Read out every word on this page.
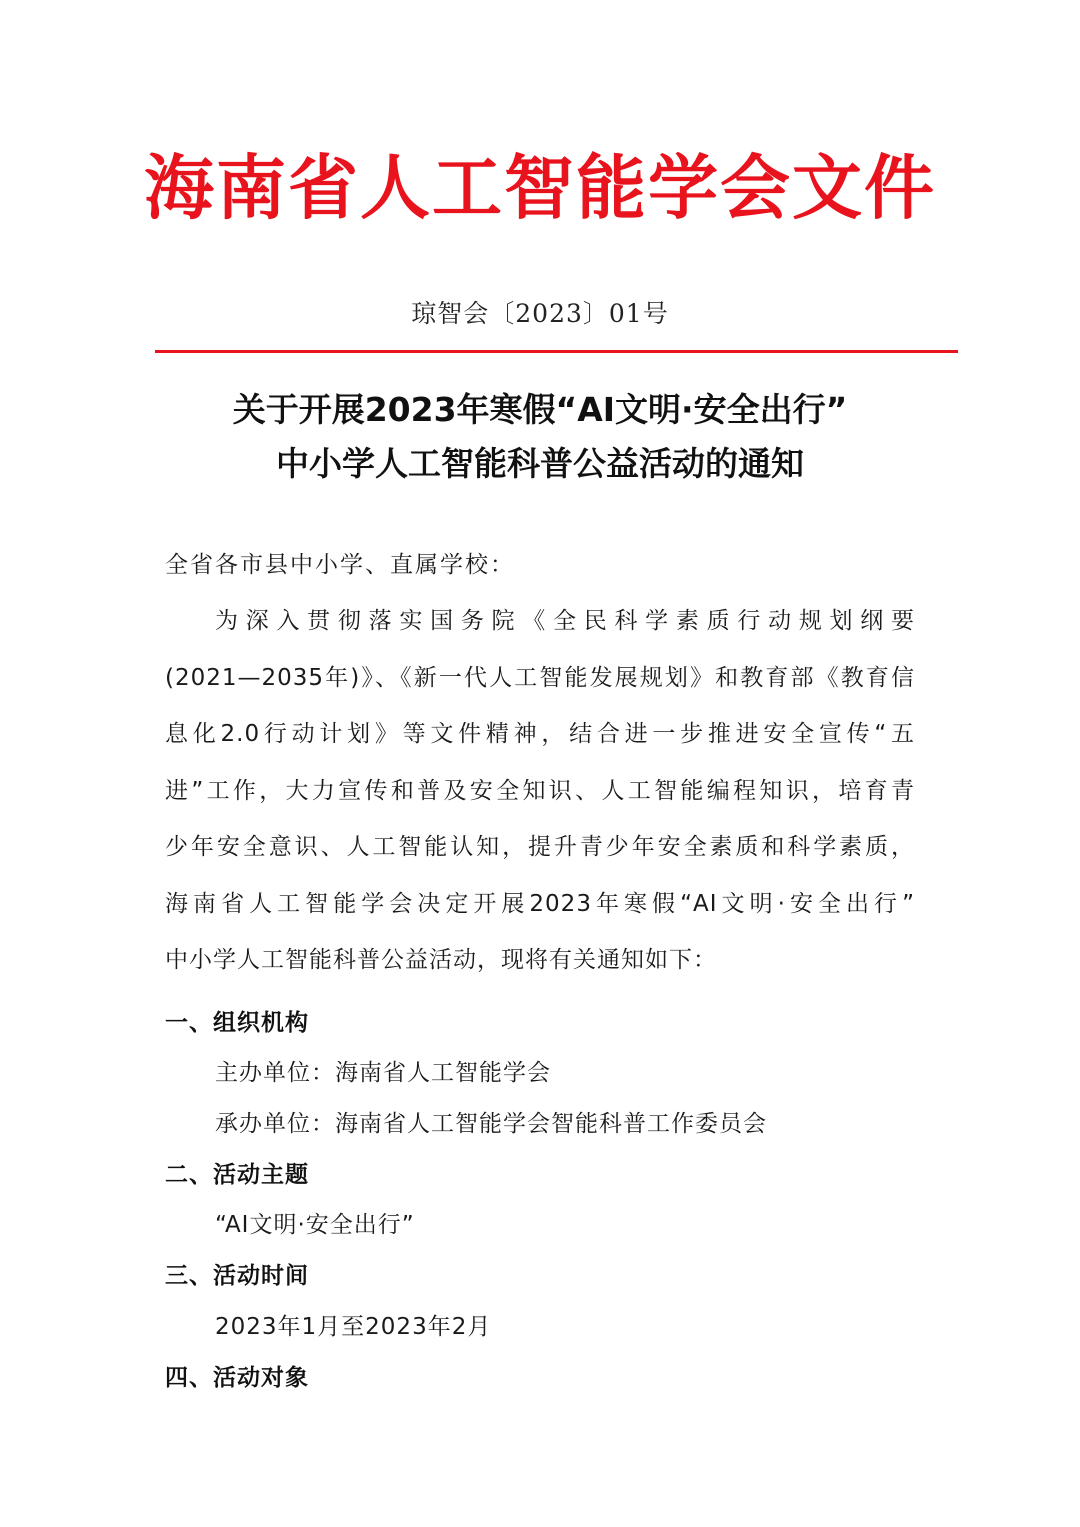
海南省人工智能学会文件
琼智会〔2023〕01号
关于开展2023年寒假“AI文明·安全出行”
中小学人工智能科普公益活动的通知
全省各市县中小学、直属学校：
为深入贯彻落实国务院《全民科学素质行动规划纲要
(2021—2035年)》、《新一代人工智能发展规划》和教育部《教育信
息化2.0行动计划》等文件精神，结合进一步推进安全宣传“五
进”工作，大力宣传和普及安全知识、人工智能编程知识，培育青
少年安全意识、人工智能认知，提升青少年安全素质和科学素质，
海南省人工智能学会决定开展2023年寒假“AI文明·安全出行”
中小学人工智能科普公益活动，现将有关通知如下：
一、组织机构
主办单位：海南省人工智能学会
承办单位：海南省人工智能学会智能科普工作委员会
二、活动主题
“AI文明·安全出行”
三、活动时间
2023年1月至2023年2月
四、活动对象
